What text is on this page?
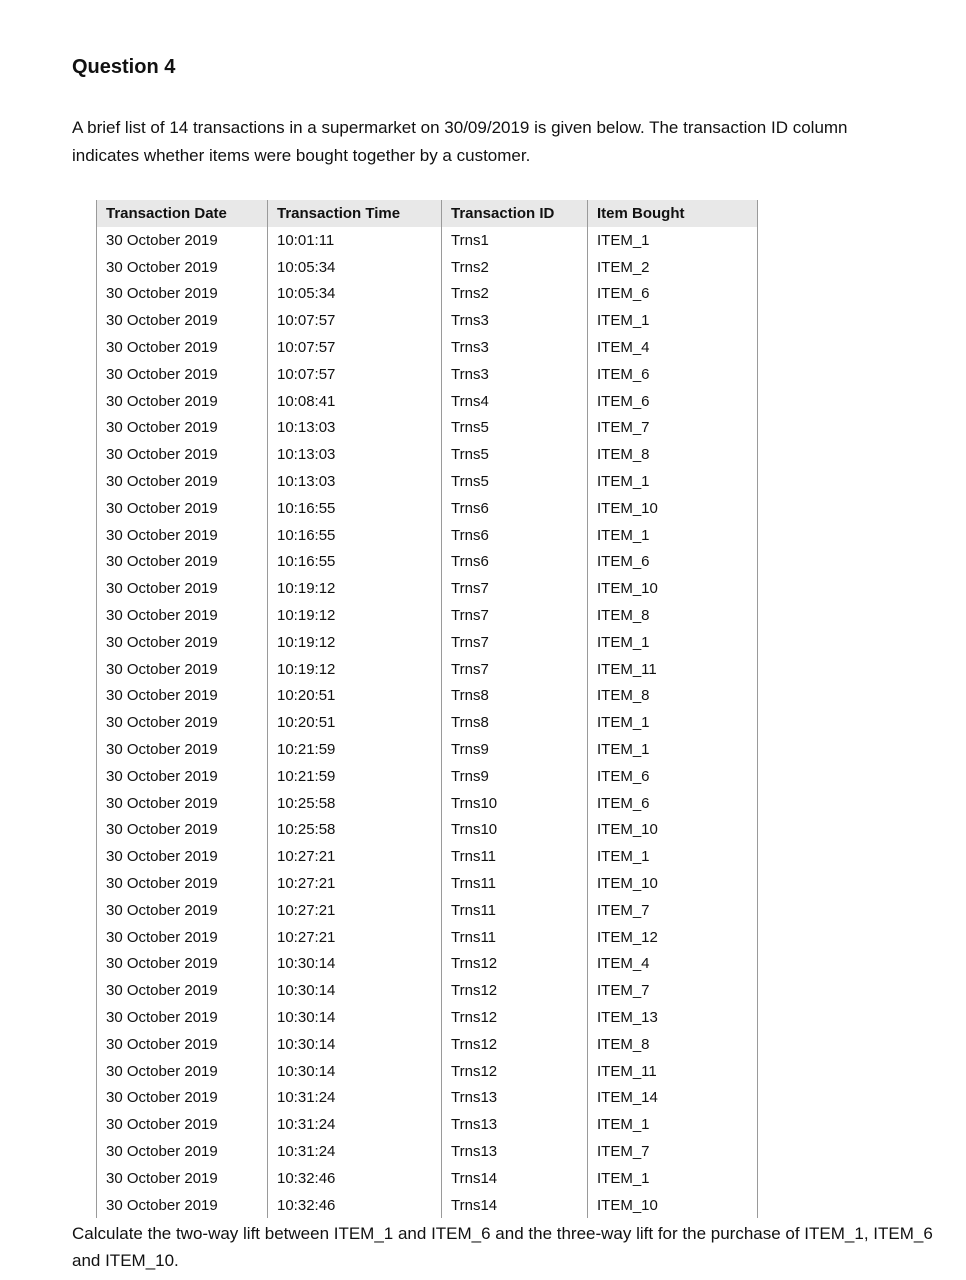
Question 4

A brief list of 14 transactions in a supermarket on 30/09/2019 is given below. The transaction ID column indicates whether items were bought together by a customer.

Transaction Date	Transaction Time	Transaction ID	Item Bought
30 October 2019	10:01:11	Trns1	ITEM_1
30 October 2019	10:05:34	Trns2	ITEM_2
30 October 2019	10:05:34	Trns2	ITEM_6
30 October 2019	10:07:57	Trns3	ITEM_1
30 October 2019	10:07:57	Trns3	ITEM_4
30 October 2019	10:07:57	Trns3	ITEM_6
30 October 2019	10:08:41	Trns4	ITEM_6
30 October 2019	10:13:03	Trns5	ITEM_7
30 October 2019	10:13:03	Trns5	ITEM_8
30 October 2019	10:13:03	Trns5	ITEM_1
30 October 2019	10:16:55	Trns6	ITEM_10
30 October 2019	10:16:55	Trns6	ITEM_1
30 October 2019	10:16:55	Trns6	ITEM_6
30 October 2019	10:19:12	Trns7	ITEM_10
30 October 2019	10:19:12	Trns7	ITEM_8
30 October 2019	10:19:12	Trns7	ITEM_1
30 October 2019	10:19:12	Trns7	ITEM_11
30 October 2019	10:20:51	Trns8	ITEM_8
30 October 2019	10:20:51	Trns8	ITEM_1
30 October 2019	10:21:59	Trns9	ITEM_1
30 October 2019	10:21:59	Trns9	ITEM_6
30 October 2019	10:25:58	Trns10	ITEM_6
30 October 2019	10:25:58	Trns10	ITEM_10
30 October 2019	10:27:21	Trns11	ITEM_1
30 October 2019	10:27:21	Trns11	ITEM_10
30 October 2019	10:27:21	Trns11	ITEM_7
30 October 2019	10:27:21	Trns11	ITEM_12
30 October 2019	10:30:14	Trns12	ITEM_4
30 October 2019	10:30:14	Trns12	ITEM_7
30 October 2019	10:30:14	Trns12	ITEM_13
30 October 2019	10:30:14	Trns12	ITEM_8
30 October 2019	10:30:14	Trns12	ITEM_11
30 October 2019	10:31:24	Trns13	ITEM_14
30 October 2019	10:31:24	Trns13	ITEM_1
30 October 2019	10:31:24	Trns13	ITEM_7
30 October 2019	10:32:46	Trns14	ITEM_1
30 October 2019	10:32:46	Trns14	ITEM_10

Calculate the two-way lift between ITEM_1 and ITEM_6 and the three-way lift for the purchase of ITEM_1, ITEM_6 and ITEM_10.
